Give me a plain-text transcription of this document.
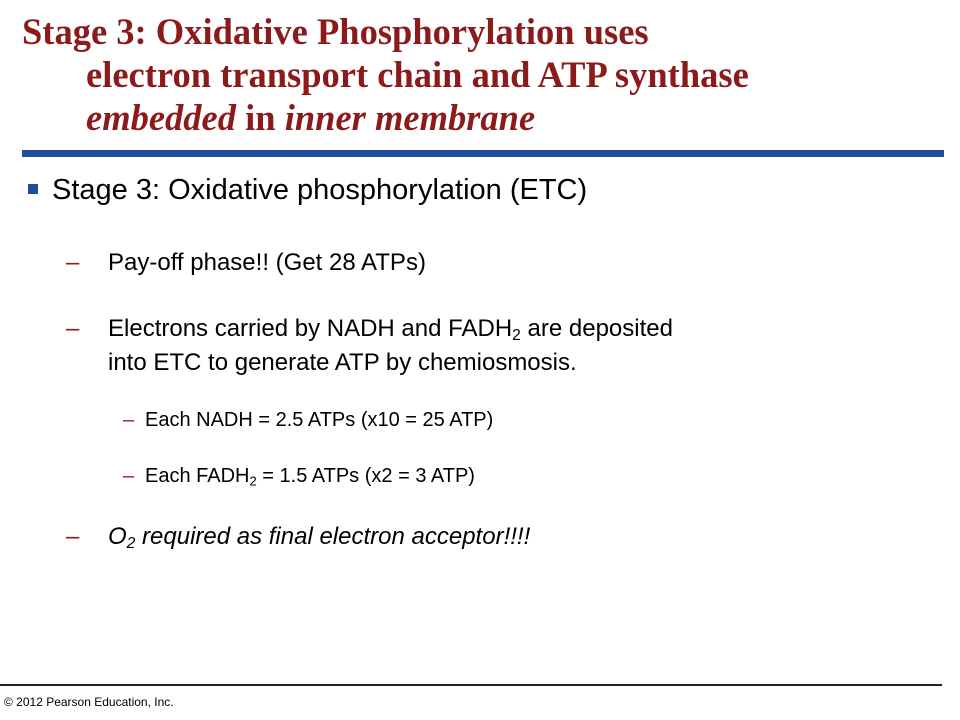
Stage 3: Oxidative Phosphorylation uses
electron transport chain and ATP synthase
embedded in inner membrane
Stage 3: Oxidative phosphorylation (ETC)
– Pay-off phase!! (Get 28 ATPs)
– Electrons carried by NADH and $FADH_2$ are deposited
into ETC to generate ATP by chemiosmosis.
– Each NADH = 2.5 ATPs (x10 = 25 ATP)
– Each $FADH_2 = 1.5$ ATPs (x2 = 3 ATP)
– $O_2$ required as final electron acceptor!!!!
© 2012 Pearson Education, Inc.
